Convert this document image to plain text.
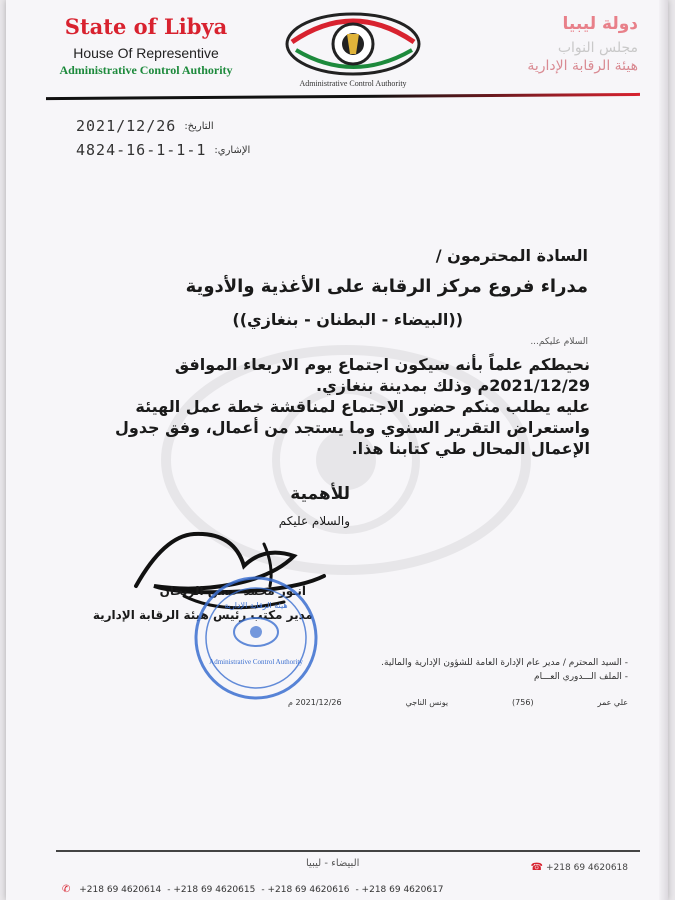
State of Libya
House Of Representive
Administrative Control Authority
Administrative Control Authority
دولة ليبيا
مجلس النواب
هيئة الرقابة الإدارية
2021/12/26 التاريخ:
4824-16-1-1-1 الإشاري:
السادة المحترمون /
مدراء فروع مركز الرقابة على الأغذية والأدوية
((البيضاء - البطنان - بنغازي))
السلام عليكم...

نحيطكم علماً بأنه سيكون اجتماع يوم الاربعاء الموافق

2021/12/29م وذلك بمدينة بنغازي.

عليه يطلب منكم حضور الاجتماع لمناقشة خطة عمل الهيئة

واستعراض التقرير السنوي وما يستجد من أعمال، وفق جدول

الإعمال المحال طي كتابنا هذا.

للأهمية
والسلام عليكم
أنـور محمد حسن الريحان
مدير مكتب رئيس هيئة الرقابة الإدارية
هيئة الرقابة الإدارية
Administrative Control Authority	- السيد المحترم / مدير عام الإدارة العامة للشؤون الإدارية والمالية.
- الملف الـــدوري العـــام
علي عمر
(756)
يونس الناجي
2021/12/26 م
البيضاء - ليبيا	☎ +218 69 4620618
✆ +218 69 4620614 - +218 69 4620615 - +218 69 4620616 - +218 69 4620617
